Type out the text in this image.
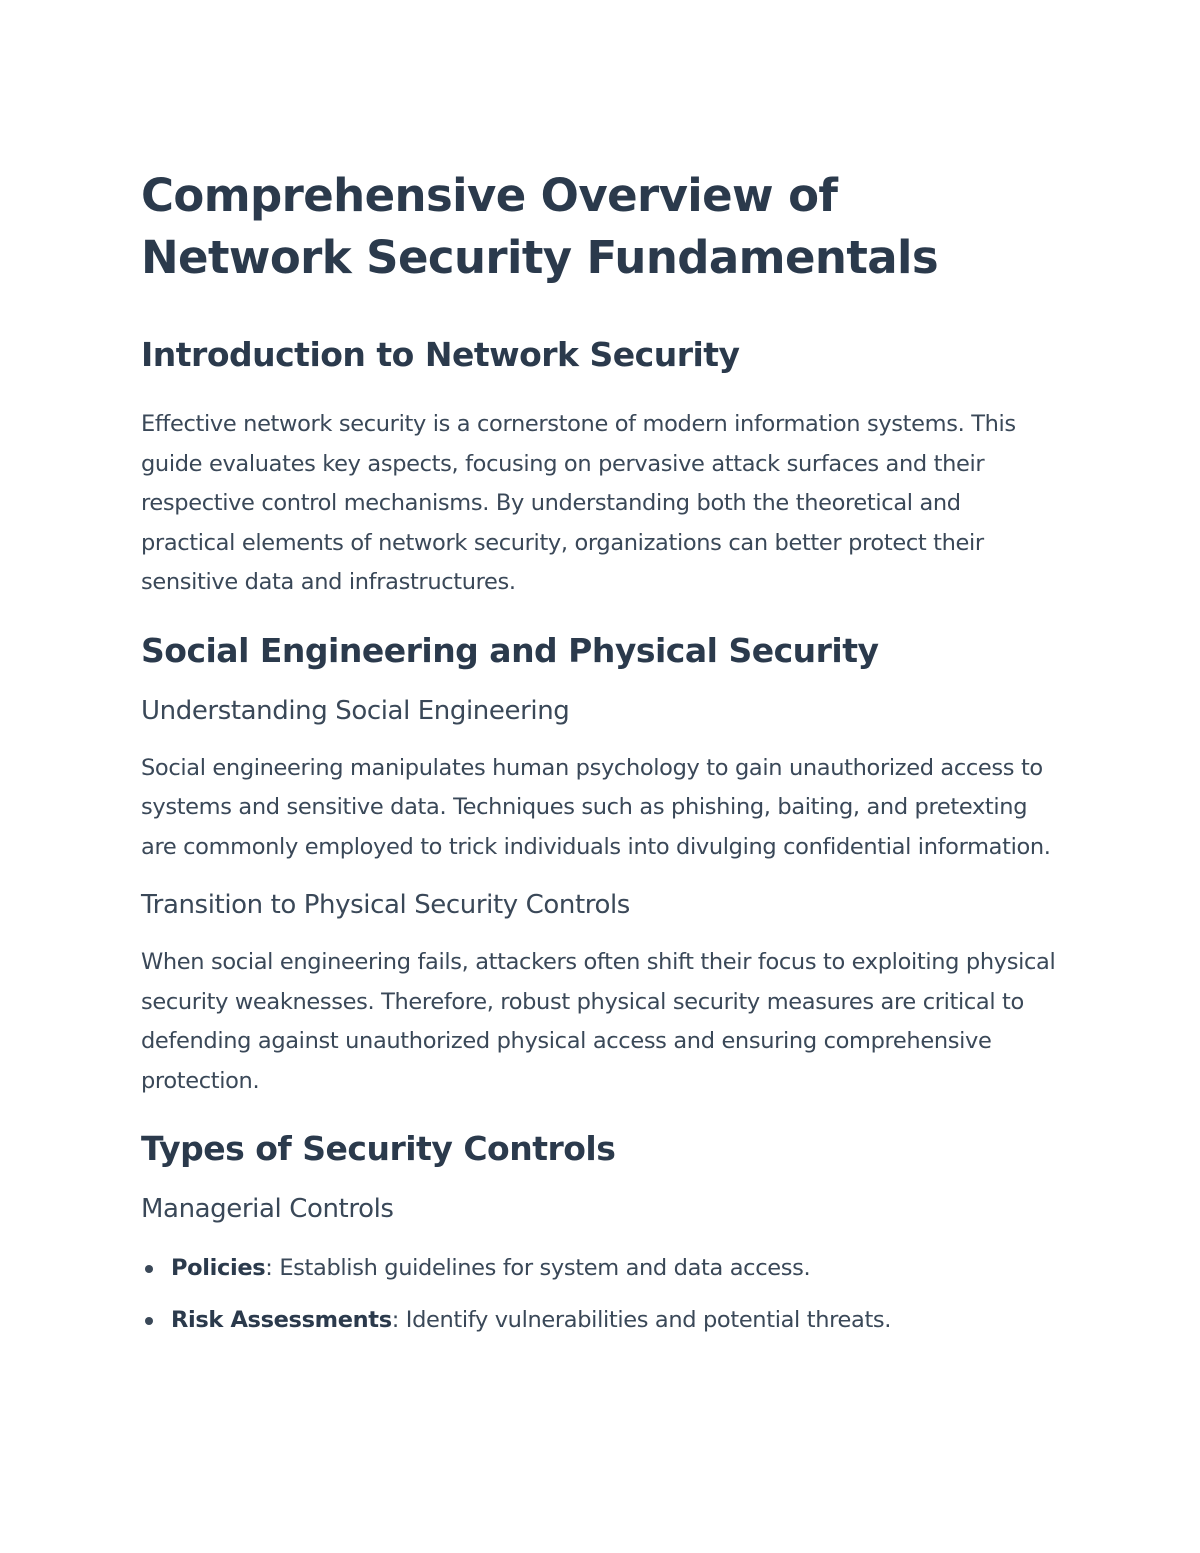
Comprehensive Overview of Network Security Fundamentals
Introduction to Network Security

Effective network security is a cornerstone of modern information systems. This guide evaluates key aspects, focusing on pervasive attack surfaces and their respective control mechanisms. By understanding both the theoretical and practical elements of network security, organizations can better protect their sensitive data and infrastructures.

Social Engineering and Physical Security
Understanding Social Engineering

Social engineering manipulates human psychology to gain unauthorized access to systems and sensitive data. Techniques such as phishing, baiting, and pretexting are commonly employed to trick individuals into divulging confidential information.

Transition to Physical Security Controls

When social engineering fails, attackers often shift their focus to exploiting physical security weaknesses. Therefore, robust physical security measures are critical to defending against unauthorized physical access and ensuring comprehensive protection.

Types of Security Controls
Managerial Controls
Policies: Establish guidelines for system and data access.
Risk Assessments: Identify vulnerabilities and potential threats.
